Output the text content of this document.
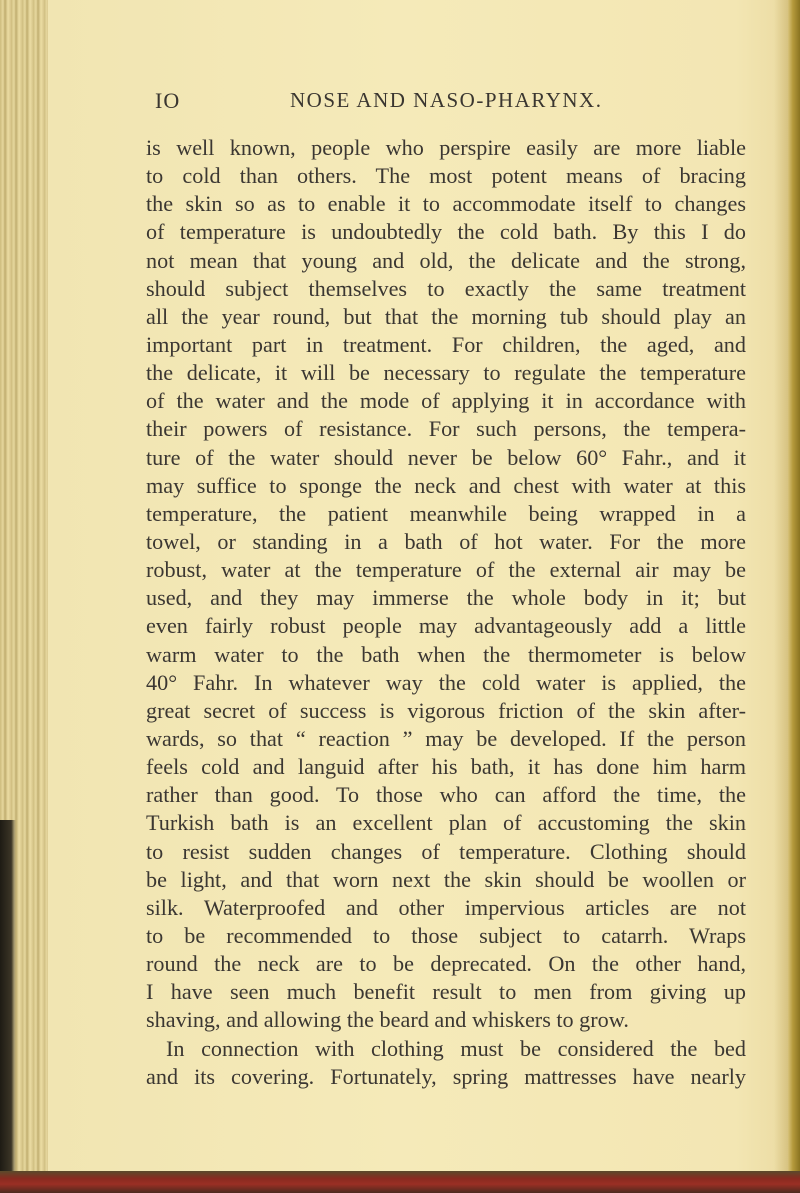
IO	NOSE AND NASO-PHARYNX.
is well known, people who perspire easily are more liable
to cold than others. The most potent means of bracing
the skin so as to enable it to accommodate itself to changes
of temperature is undoubtedly the cold bath. By this I do
not mean that young and old, the delicate and the strong,
should subject themselves to exactly the same treatment
all the year round, but that the morning tub should play an
important part in treatment. For children, the aged, and
the delicate, it will be necessary to regulate the temperature
of the water and the mode of applying it in accordance with
their powers of resistance. For such persons, the tempera-
ture of the water should never be below 60° Fahr., and it
may suffice to sponge the neck and chest with water at this
temperature, the patient meanwhile being wrapped in a
towel, or standing in a bath of hot water. For the more
robust, water at the temperature of the external air may be
used, and they may immerse the whole body in it; but
even fairly robust people may advantageously add a little
warm water to the bath when the thermometer is below
40° Fahr. In whatever way the cold water is applied, the
great secret of success is vigorous friction of the skin after-
wards, so that “ reaction ” may be developed. If the person
feels cold and languid after his bath, it has done him harm
rather than good. To those who can afford the time, the
Turkish bath is an excellent plan of accustoming the skin
to resist sudden changes of temperature. Clothing should
be light, and that worn next the skin should be woollen or
silk. Waterproofed and other impervious articles are not
to be recommended to those subject to catarrh. Wraps
round the neck are to be deprecated. On the other hand,
I have seen much benefit result to men from giving up
shaving, and allowing the beard and whiskers to grow.
In connection with clothing must be considered the bed
and its covering. Fortunately, spring mattresses have nearly
